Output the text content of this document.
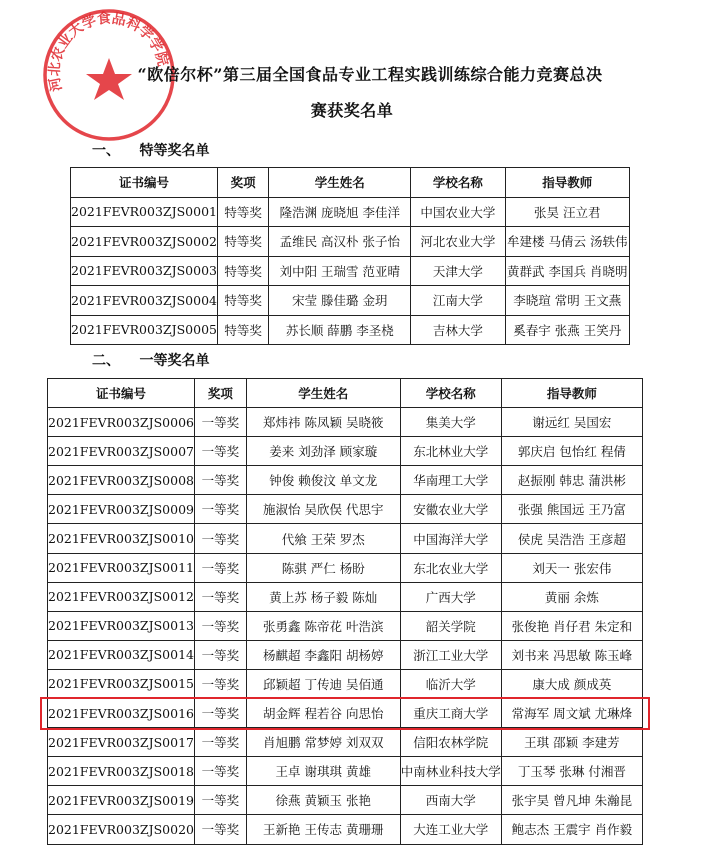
河北农业大学食品科学学院
“欧倍尔杯”第三届全国食品专业工程实践训练综合能力竞赛总决
赛获奖名单
一、    特等奖名单
证书编号	奖项	学生姓名	学校名称	指导教师
2021FEVR003ZJS0001	特等奖	隆浩渊 庞晓旭 李佳洋	中国农业大学	张昊 汪立君
2021FEVR003ZJS0002	特等奖	孟维民 高汉朴 张子怡	河北农业大学	牟建楼 马倩云 汤轶伟
2021FEVR003ZJS0003	特等奖	刘中阳 王瑞雪 范亚晴	天津大学	黄群武 李国兵 肖晓明
2021FEVR003ZJS0004	特等奖	宋莹 滕佳璐 金玥	江南大学	李晓瑄 常明 王文燕
2021FEVR003ZJS0005	特等奖	苏长顺 薛鹏 李圣桡	吉林大学	奚春宇 张燕 王笑丹
二、    一等奖名单
证书编号	奖项	学生姓名	学校名称	指导教师
2021FEVR003ZJS0006	一等奖	郑炜祎 陈凤颖 吴晓筱	集美大学	谢远红 吴国宏
2021FEVR003ZJS0007	一等奖	姜来 刘劲泽 顾家璇	东北林业大学	郭庆启 包怡红 程倩
2021FEVR003ZJS0008	一等奖	钟俊 赖俊汶 单文龙	华南理工大学	赵振刚 韩忠 蒲洪彬
2021FEVR003ZJS0009	一等奖	施淑怡 吴欣俣 代思宇	安徽农业大学	张强 熊国远 王乃富
2021FEVR003ZJS0010	一等奖	代飨 王荣 罗杰	中国海洋大学	侯虎 吴浩浩 王彦超
2021FEVR003ZJS0011	一等奖	陈骐 严仁 杨盼	东北农业大学	刘天一 张宏伟
2021FEVR003ZJS0012	一等奖	黄上苏 杨子毅 陈灿	广西大学	黄丽 余炼
2021FEVR003ZJS0013	一等奖	张勇鑫 陈帝花 叶浩滨	韶关学院	张俊艳 肖仔君 朱定和
2021FEVR003ZJS0014	一等奖	杨麒超 李鑫阳 胡杨婷	浙江工业大学	刘书来 冯思敏 陈玉峰
2021FEVR003ZJS0015	一等奖	邱颖超 丁传迪 吴佰通	临沂大学	康大成 颜成英
2021FEVR003ZJS0016	一等奖	胡金辉 程若谷 向思怡	重庆工商大学	常海军 周文斌 尤琳烽
2021FEVR003ZJS0017	一等奖	肖旭鹏 常梦婷 刘双双	信阳农林学院	王琪 邵颖 李建芳
2021FEVR003ZJS0018	一等奖	王卓 谢琪琪 黄雄	中南林业科技大学	丁玉琴 张琳 付湘晋
2021FEVR003ZJS0019	一等奖	徐燕 黄颖玉 张艳	西南大学	张宇昊 曾凡坤 朱瀚昆
2021FEVR003ZJS0020	一等奖	王新艳 王传志 黄珊珊	大连工业大学	鲍志杰 王震宇 肖作毅
